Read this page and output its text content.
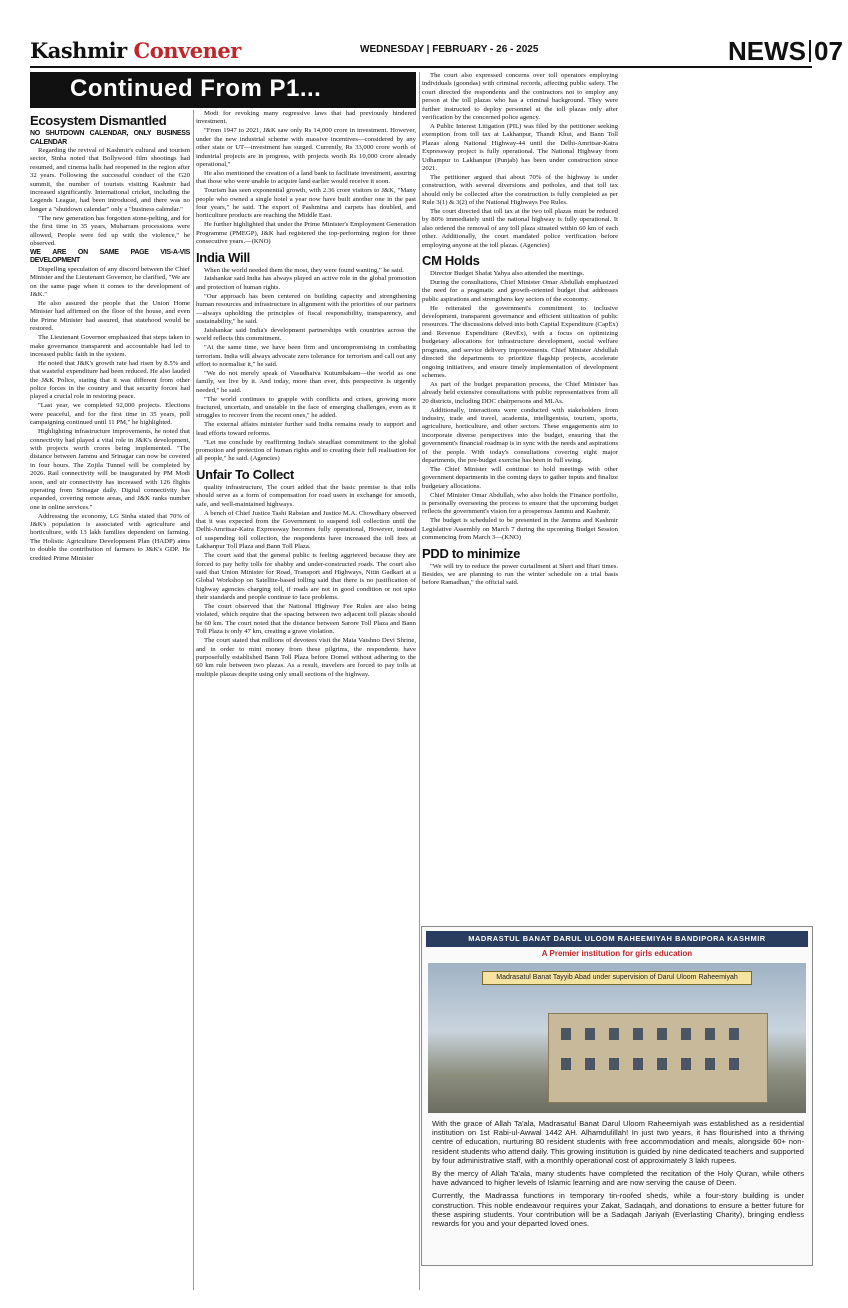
Kashmir Convener	WEDNESDAY | FEBRUARY - 26 - 2025	NEWS 07
Continued From P1...
Ecosystem Dismantled

NO SHUTDOWN CALENDAR, ONLY BUSINESS CALENDAR

Regarding the revival of Kashmir's cultural and tourism sector, Sinha noted that Bollywood film shootings had resumed, and cinema halls had reopened in the region after 32 years. Following the successful conduct of the G20 summit, the number of tourists visiting Kashmir had increased significantly. International cricket, including the Legends League, had been introduced, and there was no longer a "shutdown calendar" only a "business calendar."

"The new generation has forgotten stone-pelting, and for the first time in 35 years, Muharram processions were allowed, People were fed up with the violence," he observed.

WE ARE ON SAME PAGE VIS-A-VIS DEVELOPMENT

Dispelling speculation of any discord between the Chief Minister and the Lieutenant Governor, he clarified, "We are on the same page when it comes to the development of J&K."

He also assured the people that the Union Home Minister had affirmed on the floor of the house, and even the Prime Minister had assured, that statehood would be restored.

The Lieutenant Governor emphasized that steps taken to make governance transparent and accountable had led to increased public faith in the system.

He noted that J&K's growth rate had risen by 8.5% and that wasteful expenditure had been reduced. He also lauded the J&K Police, stating that it was different from other police forces in the country and that security forces had played a crucial role in restoring peace.

"Last year, we completed 92,000 projects. Elections were peaceful, and for the first time in 35 years, poll campaigning continued until 11 PM," he highlighted.

Highlighting infrastructure improvements, he noted that connectivity had played a vital role in J&K's development, with projects worth crores being implemented. "The distance between Jammu and Srinagar can now be covered in four hours. The Zojila Tunnel will be completed by 2026. Rail connectivity will be inaugurated by PM Modi soon, and air connectivity has increased with 126 flights operating from Srinagar daily. Digital connectivity has expanded, covering remote areas, and J&K ranks number one in online services."

Addressing the economy, LG Sinha stated that 70% of J&K's population is associated with agriculture and horticulture, with 13 lakh families dependent on farming. The Holistic Agriculture Development Plan (HADP) aims to double the contribution of farmers to J&K's GDP. He credited Prime Minister

Modi for revoking many regressive laws that had previously hindered investment.

"From 1947 to 2021, J&K saw only Rs 14,000 crore in investment. However, under the new industrial scheme with massive incentives—considered by any other state or UT—investment has surged. Currently, Rs 33,000 crore worth of industrial projects are in progress, with projects worth Rs 10,000 crore already operational,"

He also mentioned the creation of a land bank to facilitate investment, assuring that those who were unable to acquire land earlier would receive it soon.

Tourism has seen exponential growth, with 2.36 crore visitors to J&K, "Many people who owned a single hotel a year now have built another one in the past four years," he said. The export of Pashmina and carpets has doubled, and horticulture products are reaching the Middle East.

He further highlighted that under the Prime Minister's Employment Generation Programme (PMEGP), J&K had registered the top-performing region for three consecutive years.—(KNO)

India Will

When the world needed them the most, they were found wanting," he said.

Jaishankar said India has always played an active role in the global promotion and protection of human rights.

"Our approach has been centered on building capacity and strengthening human resources and infrastructure in alignment with the priorities of our partners—always upholding the principles of fiscal responsibility, transparency, and sustainability," he said.

Jaishankar said India's development partnerships with countries across the world reflects this commitment.

"At the same time, we have been firm and uncompromising in combating terrorism. India will always advocate zero tolerance for terrorism and call out any effort to normalise it," he said.

"We do not merely speak of Vasudhaiva Kutumbakam—the world as one family, we live by it. And today, more than ever, this perspective is urgently needed," he said.

"The world continues to grapple with conflicts and crises, growing more fractured, uncertain, and unstable in the face of emerging challenges, even as it struggles to recover from the recent ones," he added.

The external affairs minister further said India remains ready to support and lead efforts toward reforms.

"Let me conclude by reaffirming India's steadfast commitment to the global promotion and protection of human rights and to creating their full realisation for all people," he said. (Agencies)

Unfair To Collect

quality infrastructure, The court added that the basic premise is that tolls should serve as a form of compensation for road users in exchange for smooth, safe, and well-maintained highways.

A bench of Chief Justice Tashi Rabstan and Justice M.A. Chowdhary observed that it was expected from the Government to suspend toll collection until the Delhi-Amritsar-Katra Expressway becomes fully operational, However, instead of suspending toll collection, the respondents have increased the toll fees at Lakhanpur Toll Plaza and Bann Toll Plaza.

The court said that the general public is feeling aggrieved because they are forced to pay hefty tolls for shabby and under-constructed roads. The court also said that Union Minister for Road, Transport and Highways, Nitin Gadkari at a Global Workshop on Satellite-based tolling said that there is no justification of highway agencies charging toll, if roads are not in good condition or not upto their standards and people continue to face problems.

The court observed that the National Highway Fee Rules are also being violated, which require that the spacing between two adjacent toll plazas should be 60 km. The court noted that the distance between Sarore Toll Plaza and Bann Toll Plaza is only 47 km, creating a grave violation.

The court stated that millions of devotees visit the Mata Vaishno Devi Shrine, and in order to mint money from these pilgrims, the respondents have purposefully established Bann Toll Plaza before Domel without adhering to the 60 km rule between two plazas. As a result, travelers are forced to pay tolls at multiple plazas despite using only small sections of the highway.

The court also expressed concerns over toll operators employing individuals (goondas) with criminal records, affecting public safety. The court directed the respondents and the contractors not to employ any person at the toll plazas who has a criminal background. They were further instructed to deploy personnel at the toll plazas only after verification by the concerned police agency.

A Public Interest Litigation (PIL) was filed by the petitioner seeking exemption from toll tax at Lakhanpur, Thandi Khui, and Bann Toll Plazas along National Highway-44 until the Delhi-Amritsar-Katra Expressway project is fully operational. The National Highway from Udhampur to Lakhanpur (Punjab) has been under construction since 2021.

The petitioner argued that about 70% of the highway is under construction, with several diversions and potholes, and that toll tax should only be collected after the construction is fully completed as per Rule 3(1) & 3(2) of the National Highways Fee Rules.

The court directed that toll tax at the two toll plazas must be reduced by 80% immediately until the national highway is fully operational. It also ordered the removal of any toll plaza situated within 60 km of each other. Additionally, the court mandated police verification before employing anyone at the toll plazas. (Agencies)

CM Holds

Director Budget Shafat Yahya also attended the meetings.

During the consultations, Chief Minister Omar Abdullah emphasized the need for a pragmatic and growth-oriented budget that addresses public aspirations and strengthens key sectors of the economy.

He reiterated the government's commitment to inclusive development, transparent governance and efficient utilization of public resources. The discussions delved into both Capital Expenditure (CapEx) and Revenue Expenditure (RevEx), with a focus on optimizing budgetary allocations for infrastructure development, social welfare programs, and service delivery improvements. Chief Minister Abdullah directed the departments to prioritize flagship projects, accelerate ongoing initiatives, and ensure timely implementation of development schemes.

As part of the budget preparation process, the Chief Minister has already held extensive consultations with public representatives from all 20 districts, including DDC chairpersons and MLAs.

Additionally, interactions were conducted with stakeholders from industry, trade and travel, academia, intelligentsia, tourism, sports, agriculture, horticulture, and other sectors. These engagements aim to incorporate diverse perspectives into the budget, ensuring that the government's financial roadmap is in sync with the needs and aspirations of the people. With today's consultations covering eight major departments, the pre-budget exercise has been in full swing.

The Chief Minister will continue to hold meetings with other government departments in the coming days to gather inputs and finalize budgetary allocations.

Chief Minister Omar Abdullah, who also holds the Finance portfolio, is personally overseeing the process to ensure that the upcoming budget reflects the government's vision for a prosperous Jammu and Kashmir.

The budget is scheduled to be presented in the Jammu and Kashmir Legislative Assembly on March 7 during the upcoming Budget Session commencing from March 3—(KNO)

PDD to minimize

"We will try to reduce the power curtailment at Sheri and Iftari times. Besides, we are planning to run the winter schedule on a trial basis before Ramadhan," the official said.

MADRASTUL BANAT DARUL ULOOM RAHEEMIYAH BANDIPORA KASHMIR
A Premier institution for girls education
Madrasatul Banat Tayyib Abad under supervision of Darul Uloom Raheemiyah

With the grace of Allah Ta'ala, Madrasatul Banat Darul Uloom Raheemiyah was established as a residential institution on 1st Rabi-ul-Awwal 1442 AH. Alhamdulillah! In just two years, it has flourished into a thriving centre of education, nurturing 80 resident students with free accommodation and meals, alongside 60+ non-resident students who attend daily. This growing institution is guided by nine dedicated teachers and supported by four administrative staff, with a monthly operational cost of approximately 3 lakh rupees.

By the mercy of Allah Ta'ala, many students have completed the recitation of the Holy Quran, while others have advanced to higher levels of Islamic learning and are now serving the cause of Deen.

Currently, the Madrassa functions in temporary tin-roofed sheds, while a four-story building is under construction. This noble endeavour requires your Zakat, Sadaqah, and donations to ensure a better future for these aspiring students. Your contribution will be a Sadaqah Jariyah (Everlasting Charity), bringing endless rewards for you and your departed loved ones.
